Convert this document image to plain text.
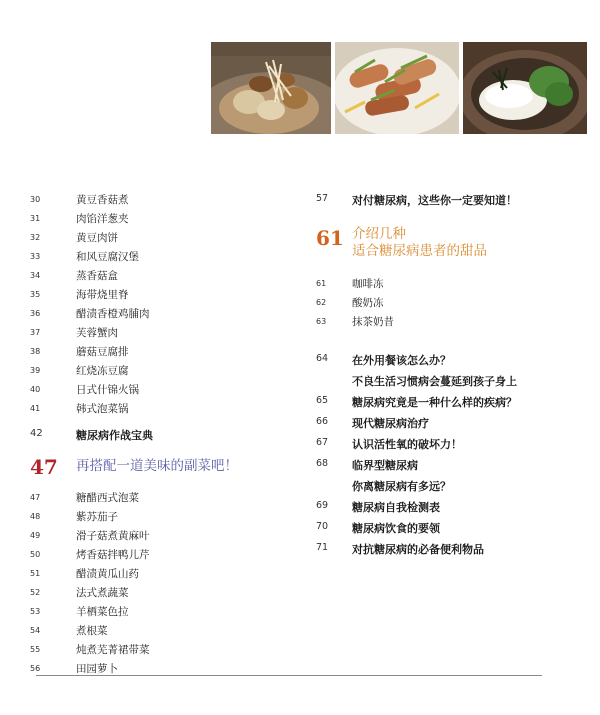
30	黄豆香菇煮
31	肉馅洋葱夹
32	黄豆肉饼
33	和风豆腐汉堡
34	蒸香菇盒
35	海带烧里脊
36	醋渍香橙鸡脯肉
37	芙蓉蟹肉
38	蘑菇豆腐排
39	红烧冻豆腐
40	日式什锦火锅
41	韩式泡菜锅
42	糖尿病作战宝典
47 再搭配一道美味的副菜吧！
47	糖醋西式泡菜
48	紫苏茄子
49	滑子菇煮黄麻叶
50	烤香菇拌鸭儿芹
51	醋渍黄瓜山药
52	法式煮蔬菜
53	羊栖菜色拉
54	煮根菜
55	炖煮芜菁裙带菜
56	田园萝卜
57 对付糖尿病，这些你一定要知道！
61 介绍几种
适合糖尿病患者的甜品
61 咖啡冻
62 酸奶冻
63 抹茶奶昔
64 在外用餐该怎么办？
不良生活习惯病会蔓延到孩子身上
65 糖尿病究竟是一种什么样的疾病？
66 现代糖尿病治疗
67 认识活性氧的破坏力！
68 临界型糖尿病
你离糖尿病有多远？
69 糖尿病自我检测表
70 糖尿病饮食的要领
71 对抗糖尿病的必备便利物品
